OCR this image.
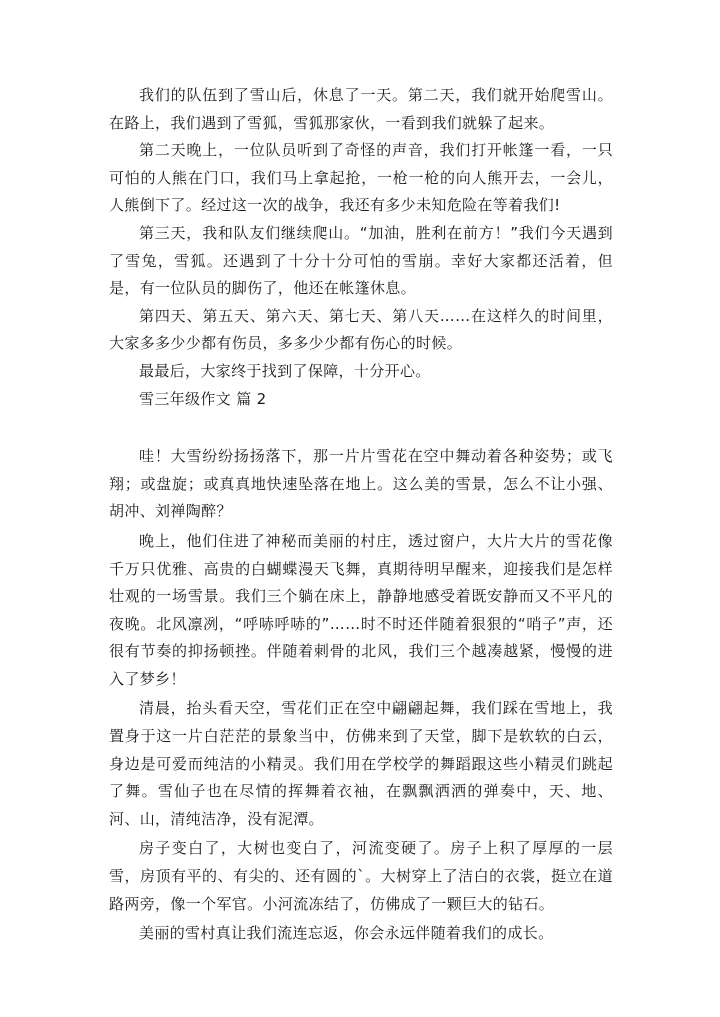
我们的队伍到了雪山后，休息了一天。第二天，我们就开始爬雪山。在路上，我们遇到了雪狐，雪狐那家伙，一看到我们就躲了起来。

第二天晚上，一位队员听到了奇怪的声音，我们打开帐篷一看，一只可怕的人熊在门口，我们马上拿起抢，一枪一枪的向人熊开去，一会儿，人熊倒下了。经过这一次的战争，我还有多少未知危险在等着我们!

第三天，我和队友们继续爬山。“加油，胜利在前方！”我们今天遇到了雪兔，雪狐。还遇到了十分十分可怕的雪崩。幸好大家都还活着，但是，有一位队员的脚伤了，他还在帐篷休息。

第四天、第五天、第六天、第七天、第八天……在这样久的时间里，大家多多少少都有伤员，多多少少都有伤心的时候。

最最后，大家终于找到了保障，十分开心。

雪三年级作文 篇 2

哇！大雪纷纷扬扬落下，那一片片雪花在空中舞动着各种姿势；或飞翔；或盘旋；或真真地快速坠落在地上。这么美的雪景，怎么不让小强、胡冲、刘禅陶醉？

晚上，他们住进了神秘而美丽的村庄，透过窗户，大片大片的雪花像千万只优雅、高贵的白蝴蝶漫天飞舞，真期待明早醒来，迎接我们是怎样壮观的一场雪景。我们三个躺在床上，静静地感受着既安静而又不平凡的夜晚。北风凛冽，“呼哧呼哧的”……时不时还伴随着狠狠的“哨子”声，还很有节奏的抑扬顿挫。伴随着刺骨的北风，我们三个越凑越紧，慢慢的进入了梦乡！

清晨，抬头看天空，雪花们正在空中翩翩起舞，我们踩在雪地上，我置身于这一片白茫茫的景象当中，仿佛来到了天堂，脚下是软软的白云，身边是可爱而纯洁的小精灵。我们用在学校学的舞蹈跟这些小精灵们跳起了舞。雪仙子也在尽情的挥舞着衣袖，在飘飘洒洒的弹奏中，天、地、河、山，清纯洁净，没有泥潭。

房子变白了，大树也变白了，河流变硬了。房子上积了厚厚的一层雪，房顶有平的、有尖的、还有圆的`。大树穿上了洁白的衣裳，挺立在道路两旁，像一个军官。小河流冻结了，仿佛成了一颗巨大的钻石。

美丽的雪村真让我们流连忘返，你会永远伴随着我们的成长。
